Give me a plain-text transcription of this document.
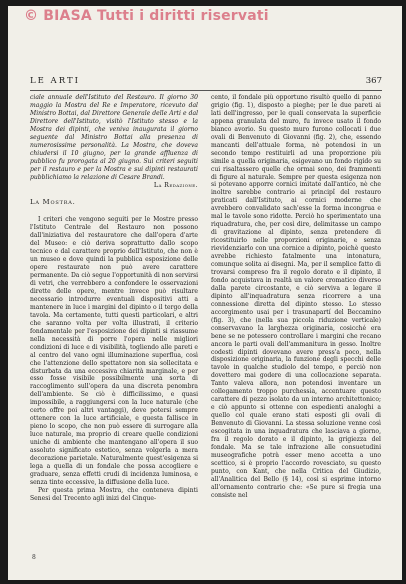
© BIASA Tutti i diritti riservati
LE ARTI	367

ciale annuale dell'Istituto del Restauro. Il giorno 30 maggio la Mostra del Re e Imperatore, ricevuto dal Ministro Bottai, dal Direttore Generale delle Arti e dal Direttore dell'Istituto, visitò l'Istituto stesso e la Mostra dei dipinti, che veniva inaugurata il giorno seguente dal Ministro Bottai alla presenza di numerosissime personalità. La Mostra, che doveva chiudersi il 10 giugno, per la grande affluenza di pubblico fu prorogata al 20 giugno. Sui criteri seguiti per il restauro e per la Mostra e sui dipinti restaurati pubblichiamo la relazione di Cesare Brandi.

La Redazione.
La Mostra.

I criteri che vengono seguiti per le Mostre presso l'Istituto Centrale del Restauro non possono dall'iniziativa del restauratore che dall'opera d'arte del Museo: e ciò deriva soprattutto dallo scopo tecnico e dal carattere proprio dell'Istituto, che non è un museo e dove quindi la pubblica esposizione delle opere restaurate non può avere carattere permanente. Da ciò segue l'opportunità di non servirsi di vetri, che verrebbero a confondere le osservazioni dirette delle opere, mentre invece può risultare necessario introdurre eventuali dispositivi atti a mantenere in luce i margini del dipinto o il tergo della tavola. Ma certamente, tutti questi particolari, e altri che saranno volta per volta illustrati, il criterio fondamentale per l'esposizione dei dipinti si riassume nella necessità di porre l'opera nelle migliori condizioni di luce e di visibilità, togliendo alle pareti e al centro del vano ogni illuminazione superflua, così che l'attenzione dello spettatore non sia sollecitata e disturbata da una eccessiva chiarità marginale, e per esso fosse visibile possibilmente una sorta di raccoglimento sull'opera da una discreta penombra dell'ambiente. Se ciò è difficilissimo, e quasi impossibile, a raggiungersi con la luce naturale (che certo offre poi altri vantaggi), deve potersi sempre ottenere con la luce artificiale, e questa fallisce in pieno lo scopo, che non può essere di surrogare alla luce naturale, ma proprio di creare quelle condizioni uniche di ambiente che mantengano all'opera il suo assoluto significato estetico, senza volgerla a mera decorazione parietale. Naturalmente quest'esigenza si lega a quella di un fondale che possa accogliere e graduare, senza effetti crudi di incidenza luminosa, e senza tinte eccessive, la diffusione della luce.

Per questa prima Mostra, che conteneva dipinti Senesi del Trecento agli inizi del Cinque-

cento, il fondale più opportuno risultò quello di panno grigio (fig. 1), disposto a pieghe; per le due pareti ai lati dell'ingresso, per le quali conservata la superficie appena granulata del muro, fu invece usato il fondo bianco avorio. Su questo muro furono collocati i due ovali di Benvenuto di Giovanni (fig. 2), che, essendo mancanti dell'attuale forma, nè potendosi in un secondo tempo restituirli ad una proporzione più simile a quella originaria, esigevano un fondo rigido su cui risaltassero quelle che ormai sono, dei frammenti di figure al naturale. Sempre per questa esigenza non si potevano apporre cornici imitate dall'antico, nè che inoltre sarebbe contrario ai principî del restauro praticati dall'Istituto, ai cornici moderne che avrebbero convalidato sach'esse la forma incongrua e mal le tavole sono ridotte. Perciò ho sperimentato una riquadratura, che, per così dire, delimitasse un campo di gravitazione al dipinto, senza pretendere di ricostituirlo nelle proporzioni originarie, e senza rievidenziarlo con una cornice a dipinto, poichè questo avrebbe richiesto fatalmente una intonatura, comunque solita ai disegni. Ma, per il semplice fatto di trovarsi compreso fra il regolo dorato e il dipinto, il fondo acquistava in realtà un valore cromatico diverso dalla parete circostante, e ciò serviva a legare il dipinto all'inquadratura senza ricorrere a una connessione diretta del dipinto stesso. Lo stesso accorgimento usai per i trasunapartí del Beccamino (fig. 3), che (nella sua piccola riduzione verticale) conservavano la larghezza originaria, cosicché era bene se ne potessero controllare i margini che recano ancora le parti ovali dell'ammanitura in gesso. Inoltre codesti dipinti dovevano avere press'a poco, nella disposizione originaria, la funzione degli specchi delle tavole in qualche studiolo del tempo, e perciò non dovettero mai godere di una collocazione separata. Tanto valeva allora, non potendosi inventare un collegamento troppo purchessia, accentuare questo carattere di pezzo isolato da un interno architettonico; e ciò appunto si ottenne con espedienti analoghi a quello col quale erano stati esposti gli ovali di Benvenuto di Giovanni. La stessa soluzione venne così escogitata in una inquadratura che lasciava a giorno, fra il regolo dorato e il dipinto, la grigiezza del fondale. Ma se tale infrazione alle consuetudini museografiche potrà esser meno accetta a uno scettico, si è proprio l'accordo rovesciato, su questo punto, con Kant, che nella Critica del Giudizio, all'Analitica del Bello (§ 14), così si esprime intorno all'ornamento contrario che: «Se pure si fregia una consiste nel

8
